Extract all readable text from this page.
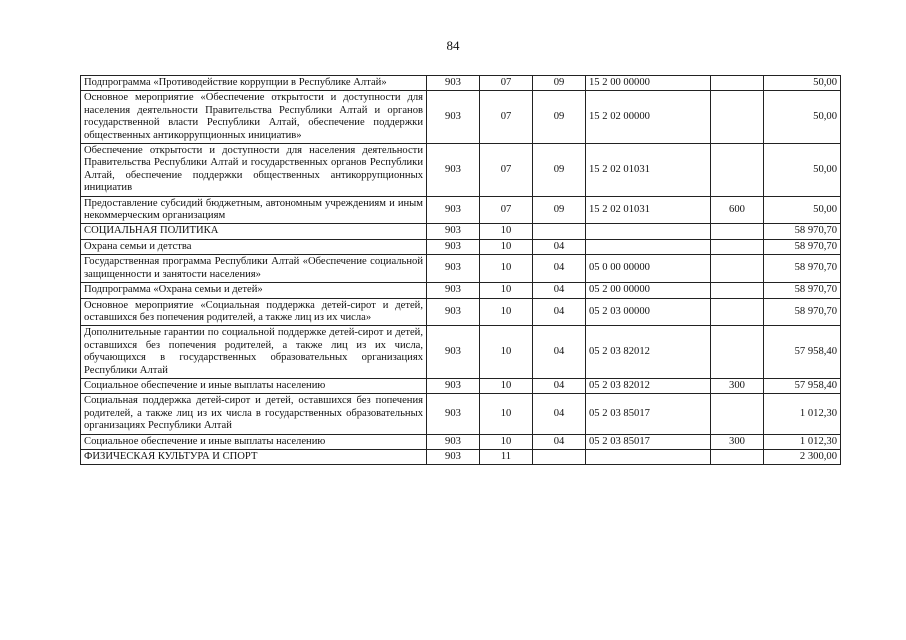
84
Подпрограмма «Противодействие коррупции в Республике Алтай»	903	07	09	15 2 00 00000		50,00
Основное мероприятие «Обеспечение открытости и доступности для населения деятельности Правительства Республики Алтай и органов государственной власти Республики Алтай, обеспечение поддержки общественных антикоррупционных инициатив»	903	07	09	15 2 02 00000		50,00
Обеспечение открытости и доступности для населения деятельности Правительства Республики Алтай и государственных органов Республики Алтай, обеспечение поддержки общественных антикоррупционных инициатив	903	07	09	15 2 02 01031		50,00
Предоставление субсидий бюджетным, автономным учреждениям и иным некоммерческим организациям	903	07	09	15 2 02 01031	600	50,00
СОЦИАЛЬНАЯ ПОЛИТИКА	903	10				58 970,70
Охрана семьи и детства	903	10	04			58 970,70
Государственная программа Республики Алтай «Обеспечение социальной защищенности и занятости населения»	903	10	04	05 0 00 00000		58 970,70
Подпрограмма «Охрана семьи и детей»	903	10	04	05 2 00 00000		58 970,70
Основное мероприятие «Социальная поддержка детей-сирот и детей, оставшихся без попечения родителей, а также лиц из их числа»	903	10	04	05 2 03 00000		58 970,70
Дополнительные гарантии по социальной поддержке детей-сирот и детей, оставшихся без попечения родителей, а также лиц из их числа, обучающихся в государственных образовательных организациях Республики Алтай	903	10	04	05 2 03 82012		57 958,40
Социальное обеспечение и иные выплаты населению	903	10	04	05 2 03 82012	300	57 958,40
Социальная поддержка детей-сирот и детей, оставшихся без попечения родителей, а также лиц из их числа в государственных образовательных организациях Республики Алтай	903	10	04	05 2 03 85017		1 012,30
Социальное обеспечение и иные выплаты населению	903	10	04	05 2 03 85017	300	1 012,30
ФИЗИЧЕСКАЯ КУЛЬТУРА И СПОРТ	903	11				2 300,00
